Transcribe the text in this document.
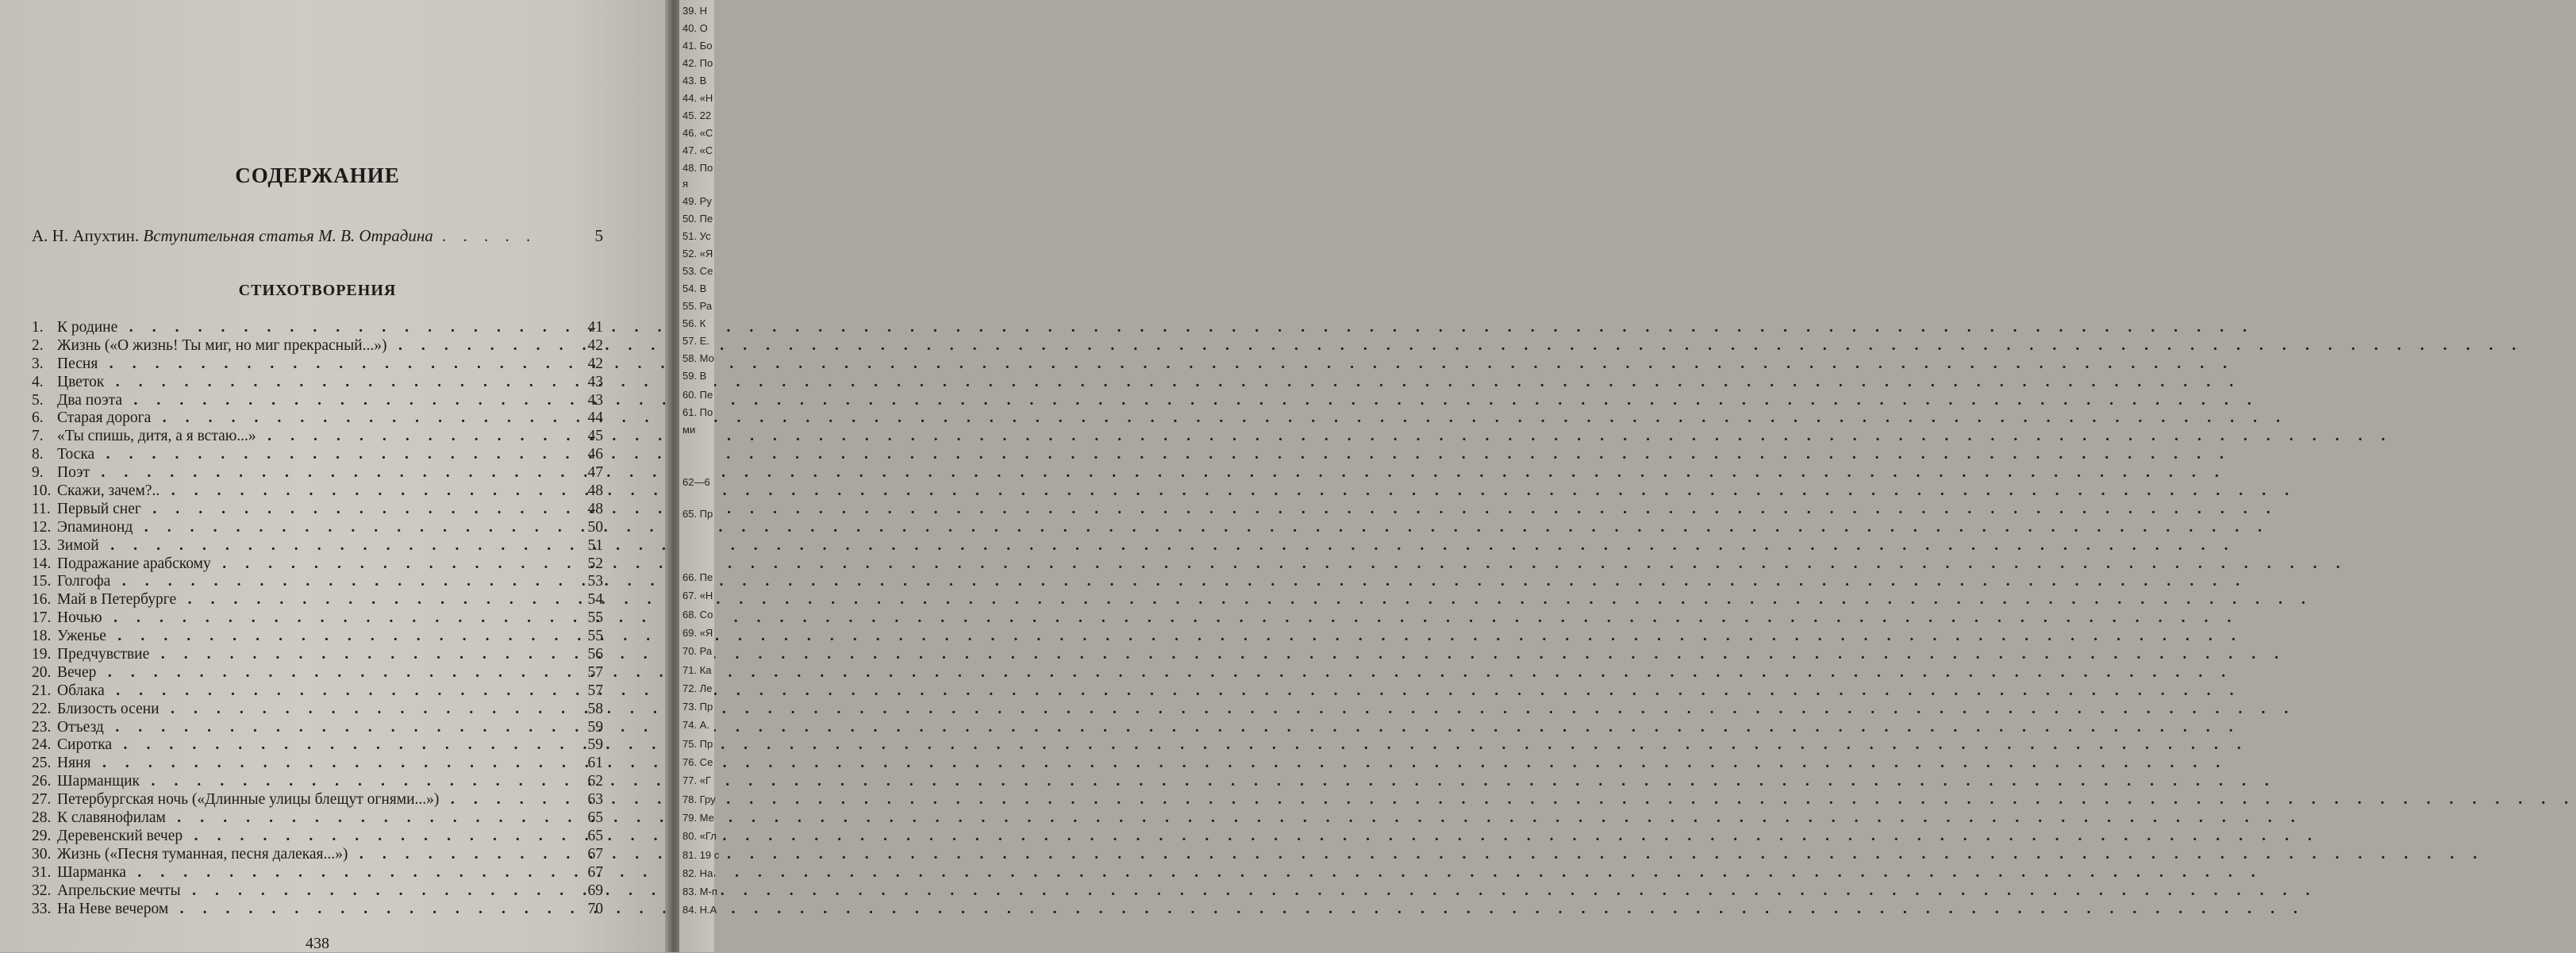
СОДЕРЖАНИЕ
А. Н. Апухтин. Вступительная статья М. В. Отрадина . . . . .	5
СТИХОТВОРЕНИЯ
1. К родине . . .	41
2. Жизнь («О жизнь! Ты миг, но миг прекрасный...») . . .	42
3. Песня . . .	42
4. Цветок . . .	43
5. Два поэта . . .	43
6. Старая дорога . . .	44
7. «Ты спишь, дитя, а я встаю...» . . .	45
8. Тоска . . .	46
9. Поэт . . .	47
10. Скажи, зачем?.. . . .	48
11. Первый снег . . .	48
12. Эпаминонд . . .	50
13. Зимой . . .	51
14. Подражание арабскому . . .	52
15. Голгофа . . .	53
16. Май в Петербурге . . .	54
17. Ночью . . .	55
18. Уженье . . .	55
19. Предчувствие . . .	56
20. Вечер . . .	57
21. Облака . . .	57
22. Близость осени . . .	58
23. Отъезд . . .	59
24. Сиротка . . .	59
25. Няня . . .	61
26. Шарманщик . . .	62
27. Петербургская ночь («Длинные улицы блещут огнями...») . . .	63
28. К славянофилам . . .	65
29. Деревенский вечер . . .	65
30. Жизнь («Песня туманная, песня далекая...») . . .	67
31. Шарманка . . .	67
32. Апрельские мечты . . .	69
33. На Неве вечером . . .	70
438
39. Н
40. О
41. Бо
42. По
43. В
44. «Н
45. 22
46. «С
47. «С
48. По
я
49. Ру
50. Пе
51. Ус
52. «Я
53. Се
54. В
55. Ра
56. К
57. Е.
58. Мо
59. В
60. Пе
61. По
ми
62—6
65. Пр
66. Пе
67. «Н
68. Со
69. «Я
70. Ра
71. Ка
72. Ле
73. Пр
74. А.
75. Пр
76. Се
77. «Г
78. Гру
79. Ме
80. «Гл
81. 19 с
82. На
83. М-п
84. Н.А
